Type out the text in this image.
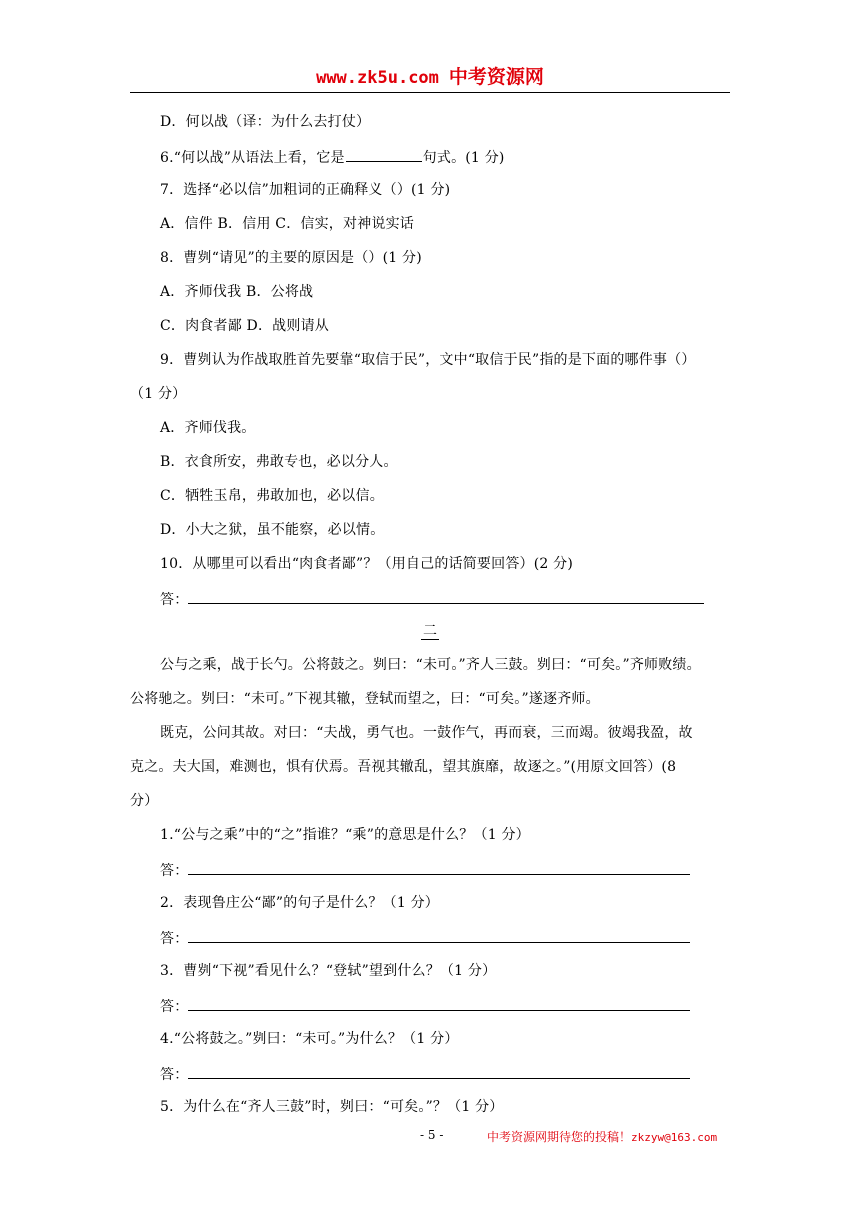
www.zk5u.com 中考资源网
D．何以战（译：为什么去打仗）
6.“何以战”从语法上看，它是	句式。(1 分)
7．选择“必以信”加粗词的正确释义（）(1 分)
A．信件 B．信用 C．信实，对神说实话
8．曹刿“请见”的主要的原因是（）(1 分)
A．齐师伐我 B．公将战
C．肉食者鄙 D．战则请从
9．曹刿认为作战取胜首先要靠“取信于民”，文中“取信于民”指的是下面的哪件事（）
（1 分）
A．齐师伐我。
B．衣食所安，弗敢专也，必以分人。
C．牺牲玉帛，弗敢加也，必以信。
D．小大之狱，虽不能察，必以情。
10．从哪里可以看出“肉食者鄙”？（用自己的话简要回答）(2 分)
答：
二
公与之乘，战于长勺。公将鼓之。刿曰：“未可。”齐人三鼓。刿曰：“可矣。”齐师败绩。
公将驰之。刿曰：“未可。”下视其辙，登轼而望之，曰：“可矣。”遂逐齐师。
既克，公问其故。对曰：“夫战，勇气也。一鼓作气，再而衰，三而竭。彼竭我盈，故
克之。夫大国，难测也，惧有伏焉。吾视其辙乱，望其旗靡，故逐之。”(用原文回答）(8
分）
1.“公与之乘”中的“之”指谁？“乘”的意思是什么？（1 分）
答：
2．表现鲁庄公“鄙”的句子是什么？（1 分）
答：
3．曹刿“下视”看见什么？“登轼”望到什么？（1 分）
答：
4.“公将鼓之。”刿曰：“未可。”为什么？（1 分）
答：
5．为什么在“齐人三鼓”时，刿曰：“可矣。”？（1 分）
- 5 -	中考资源网期待您的投稿！zkzyw@163.com
